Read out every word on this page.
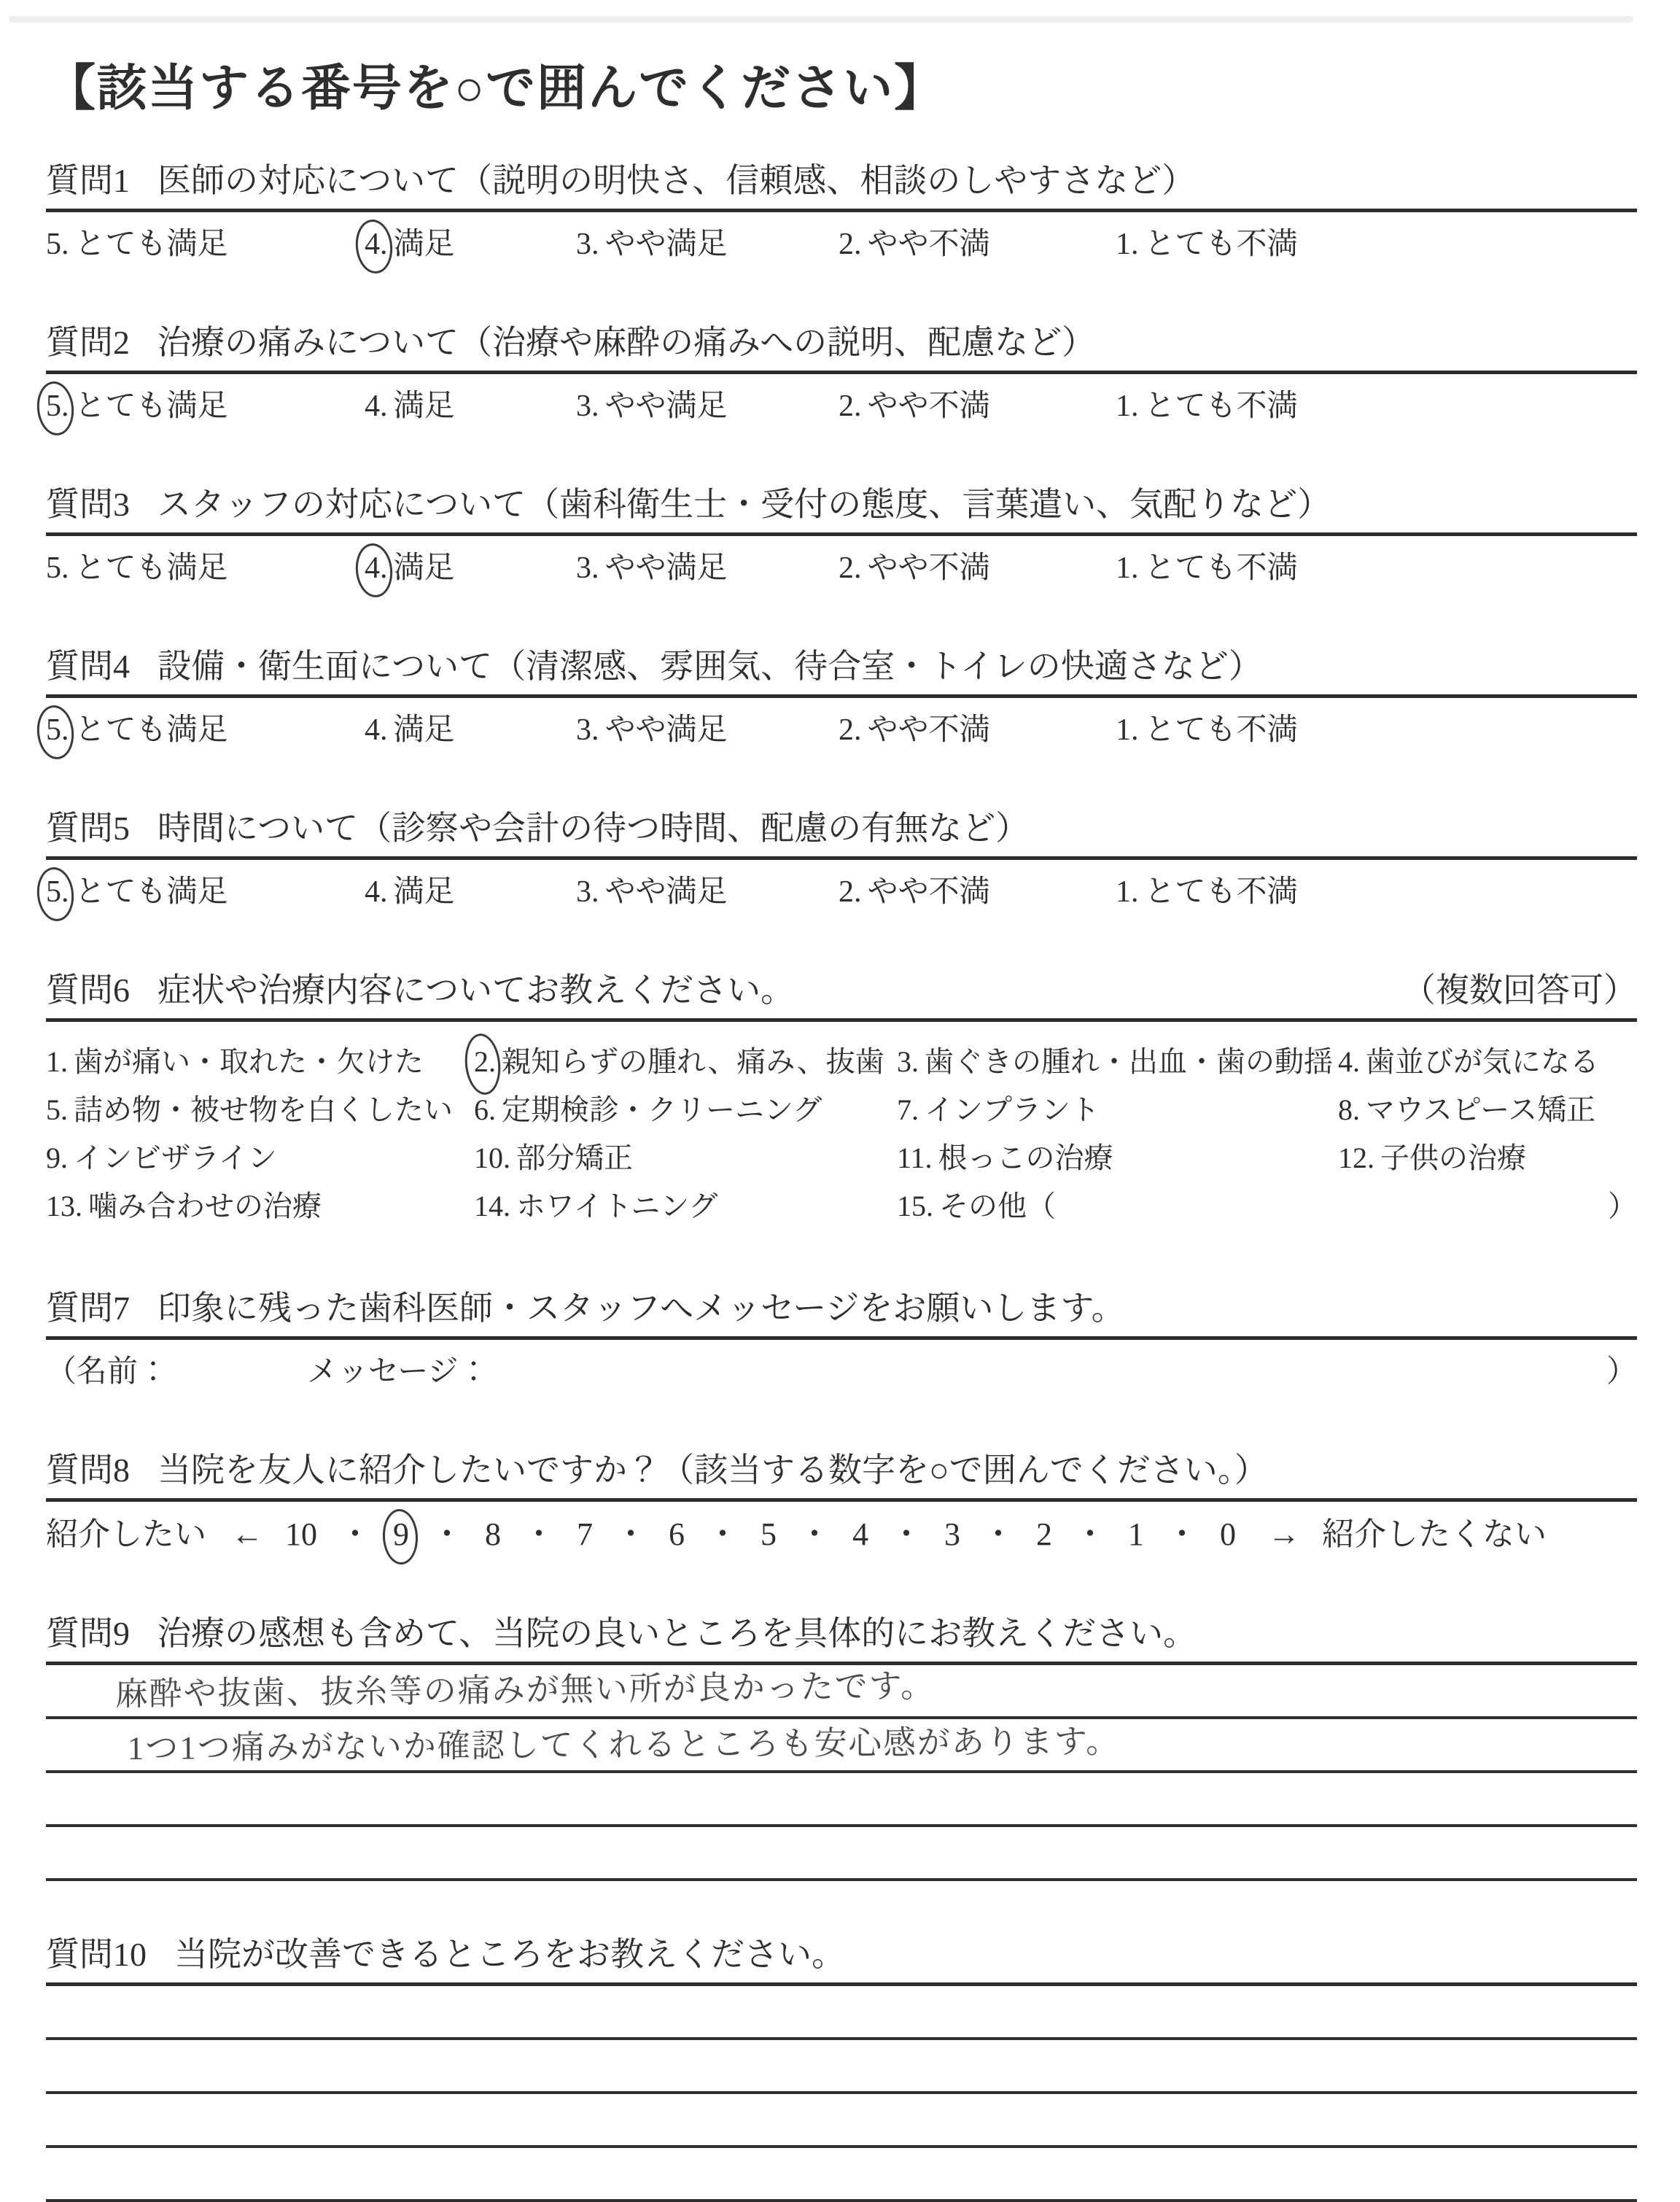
【該当する番号を○で囲んでください】
質問1 医師の対応について（説明の明快さ、信頼感、相談のしやすさなど）
5. とても満足	4. 満足	3. やや満足	2. やや不満	1. とても不満
質問2 治療の痛みについて（治療や麻酔の痛みへの説明、配慮など）
5. とても満足	4. 満足	3. やや満足	2. やや不満	1. とても不満
質問3 スタッフの対応について（歯科衛生士・受付の態度、言葉遣い、気配りなど）
5. とても満足	4. 満足	3. やや満足	2. やや不満	1. とても不満
質問4 設備・衛生面について（清潔感、雰囲気、待合室・トイレの快適さなど）
5. とても満足	4. 満足	3. やや満足	2. やや不満	1. とても不満
質問5 時間について（診察や会計の待つ時間、配慮の有無など）
5. とても満足	4. 満足	3. やや満足	2. やや不満	1. とても不満
質問6 症状や治療内容についてお教えください。	（複数回答可）
1. 歯が痛い・取れた・欠けた 2. 親知らずの腫れ、痛み、抜歯 3. 歯ぐきの腫れ・出血・歯の動揺 4. 歯並びが気になる
5. 詰め物・被せ物を白くしたい 6. 定期検診・クリーニング	7. インプラント	8. マウスピース矯正
9. インビザライン	10. 部分矯正	11. 根っこの治療	12. 子供の治療
13. 噛み合わせの治療	14. ホワイトニング	15. その他（	）
質問7 印象に残った歯科医師・スタッフへメッセージをお願いします。
（名前：	メッセージ：	）
質問8 当院を友人に紹介したいですか？（該当する数字を○で囲んでください。）
紹介したい ← 10 ・ 9 ・ 8 ・ 7 ・ 6 ・ 5 ・ 4 ・ 3 ・ 2 ・ 1 ・ 0 → 紹介したくない
質問9 治療の感想も含めて、当院の良いところを具体的にお教えください。
麻酔や抜歯、抜糸等の痛みが無い所が良かったです。
1つ1つ痛みがないか確認してくれるところも安心感があります。
質問10 当院が改善できるところをお教えください。
